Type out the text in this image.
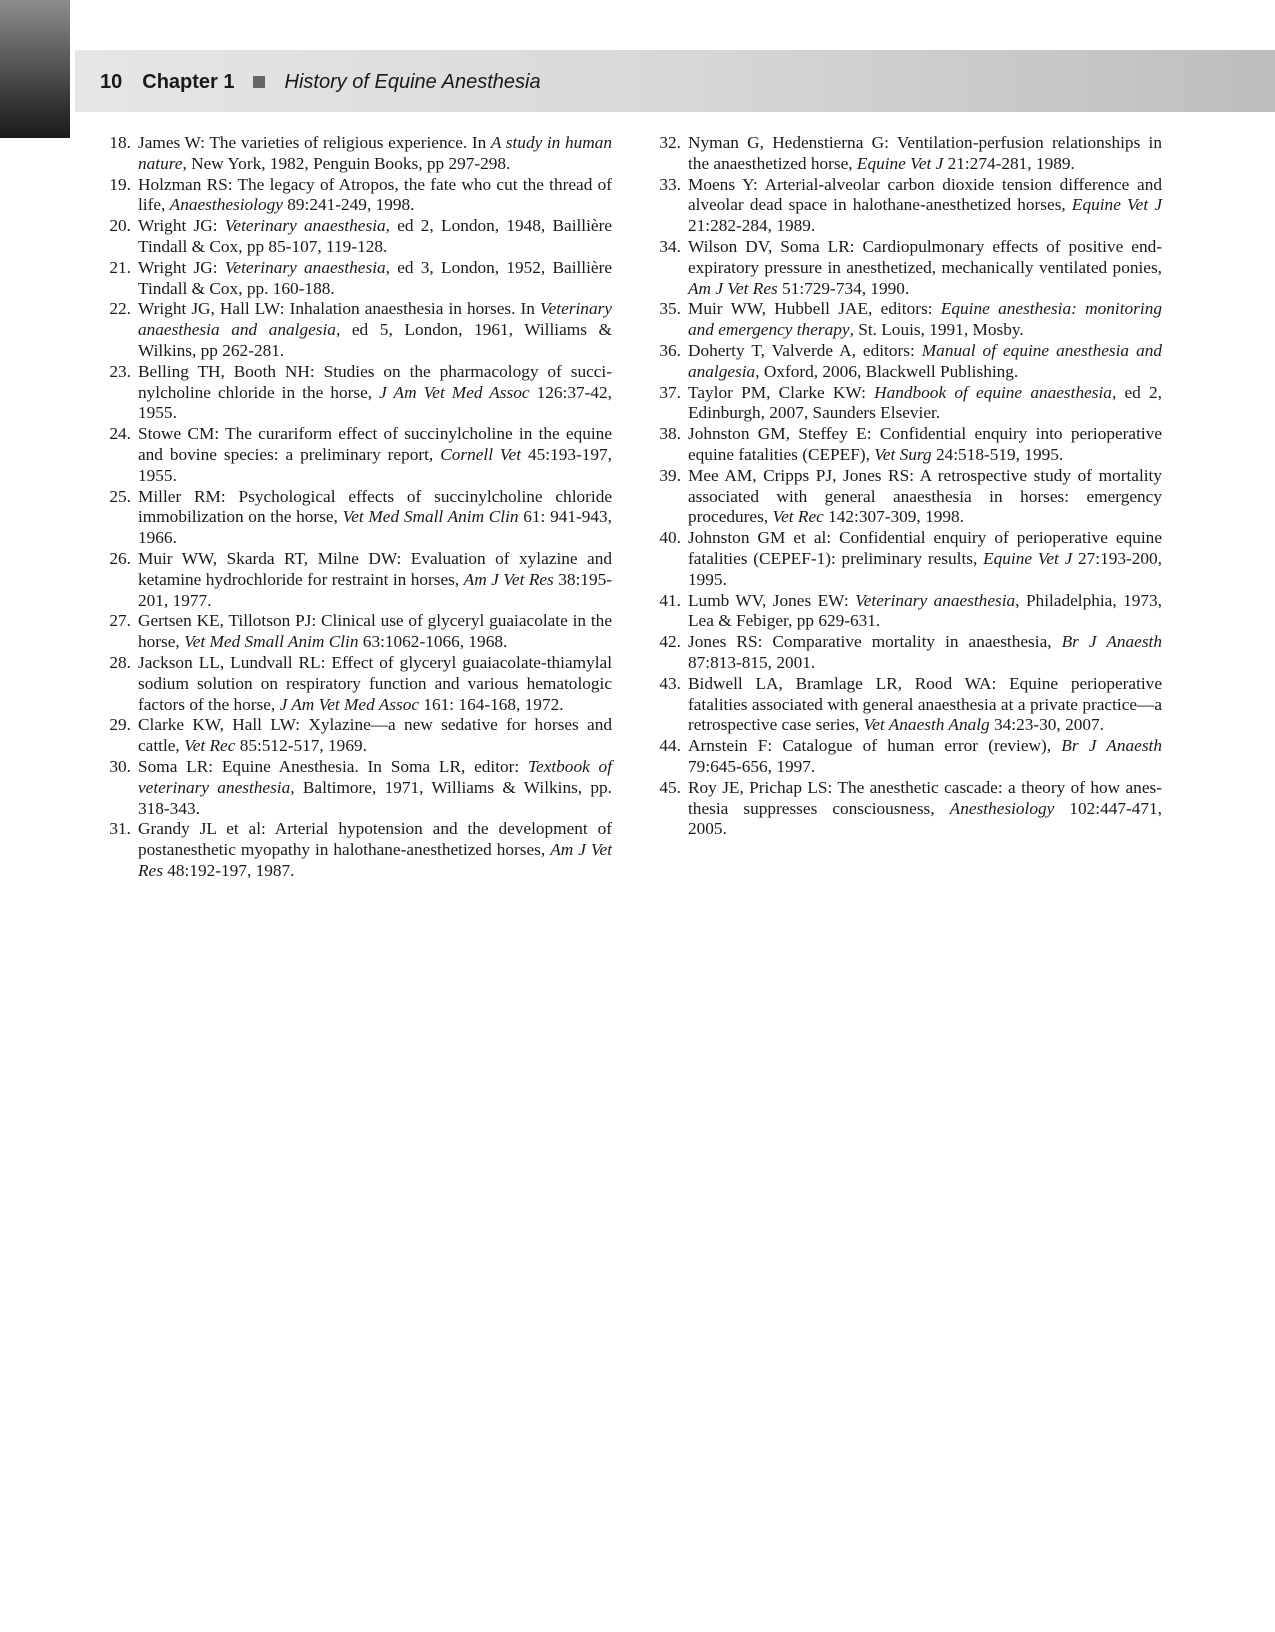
10 Chapter 1	History of Equine Anesthesia
18. James W: The varieties of religious experience. In A study in human nature, New York, 1982, Penguin Books, pp 297-298.
19. Holzman RS: The legacy of Atropos, the fate who cut the thread of life, Anaesthesiology 89:241-249, 1998.
20. Wright JG: Veterinary anaesthesia, ed 2, London, 1948, Baillière Tindall & Cox, pp 85-107, 119-128.
21. Wright JG: Veterinary anaesthesia, ed 3, London, 1952, Baillière Tindall & Cox, pp. 160-188.
22. Wright JG, Hall LW: Inhalation anaesthesia in horses. In Veterinary anaesthesia and analgesia, ed 5, London, 1961, Williams & Wilkins, pp 262-281.
23. Belling TH, Booth NH: Studies on the pharmacology of succinylcholine chloride in the horse, J Am Vet Med Assoc 126:37-42, 1955.
24. Stowe CM: The curariform effect of succinylcholine in the equine and bovine species: a preliminary report, Cornell Vet 45:193-197, 1955.
25. Miller RM: Psychological effects of succinylcholine chloride immobilization on the horse, Vet Med Small Anim Clin 61: 941-943, 1966.
26. Muir WW, Skarda RT, Milne DW: Evaluation of xylazine and ketamine hydrochloride for restraint in horses, Am J Vet Res 38:195-201, 1977.
27. Gertsen KE, Tillotson PJ: Clinical use of glyceryl guaiacolate in the horse, Vet Med Small Anim Clin 63:1062-1066, 1968.
28. Jackson LL, Lundvall RL: Effect of glyceryl guaiacolate-thiamylal sodium solution on respiratory function and various hematologic factors of the horse, J Am Vet Med Assoc 161: 164-168, 1972.
29. Clarke KW, Hall LW: Xylazine—a new sedative for horses and cattle, Vet Rec 85:512-517, 1969.
30. Soma LR: Equine Anesthesia. In Soma LR, editor: Textbook of veterinary anesthesia, Baltimore, 1971, Williams & Wilkins, pp. 318-343.
31. Grandy JL et al: Arterial hypotension and the development of postanesthetic myopathy in halothane-anesthetized horses, Am J Vet Res 48:192-197, 1987.
32. Nyman G, Hedenstierna G: Ventilation-perfusion relationships in the anaesthetized horse, Equine Vet J 21:274-281, 1989.
33. Moens Y: Arterial-alveolar carbon dioxide tension difference and alveolar dead space in halothane-anesthetized horses, Equine Vet J 21:282-284, 1989.
34. Wilson DV, Soma LR: Cardiopulmonary effects of positive end-expiratory pressure in anesthetized, mechanically ventilated ponies, Am J Vet Res 51:729-734, 1990.
35. Muir WW, Hubbell JAE, editors: Equine anesthesia: monitoring and emergency therapy, St. Louis, 1991, Mosby.
36. Doherty T, Valverde A, editors: Manual of equine anesthesia and analgesia, Oxford, 2006, Blackwell Publishing.
37. Taylor PM, Clarke KW: Handbook of equine anaesthesia, ed 2, Edinburgh, 2007, Saunders Elsevier.
38. Johnston GM, Steffey E: Confidential enquiry into perioperative equine fatalities (CEPEF), Vet Surg 24:518-519, 1995.
39. Mee AM, Cripps PJ, Jones RS: A retrospective study of mortality associated with general anaesthesia in horses: emergency procedures, Vet Rec 142:307-309, 1998.
40. Johnston GM et al: Confidential enquiry of perioperative equine fatalities (CEPEF-1): preliminary results, Equine Vet J 27:193-200, 1995.
41. Lumb WV, Jones EW: Veterinary anaesthesia, Philadelphia, 1973, Lea & Febiger, pp 629-631.
42. Jones RS: Comparative mortality in anaesthesia, Br J Anaesth 87:813-815, 2001.
43. Bidwell LA, Bramlage LR, Rood WA: Equine perioperative fatalities associated with general anaesthesia at a private practice—a retrospective case series, Vet Anaesth Analg 34:23-30, 2007.
44. Arnstein F: Catalogue of human error (review), Br J Anaesth 79:645-656, 1997.
45. Roy JE, Prichap LS: The anesthetic cascade: a theory of how anesthesia suppresses consciousness, Anesthesiology 102:447-471, 2005.
